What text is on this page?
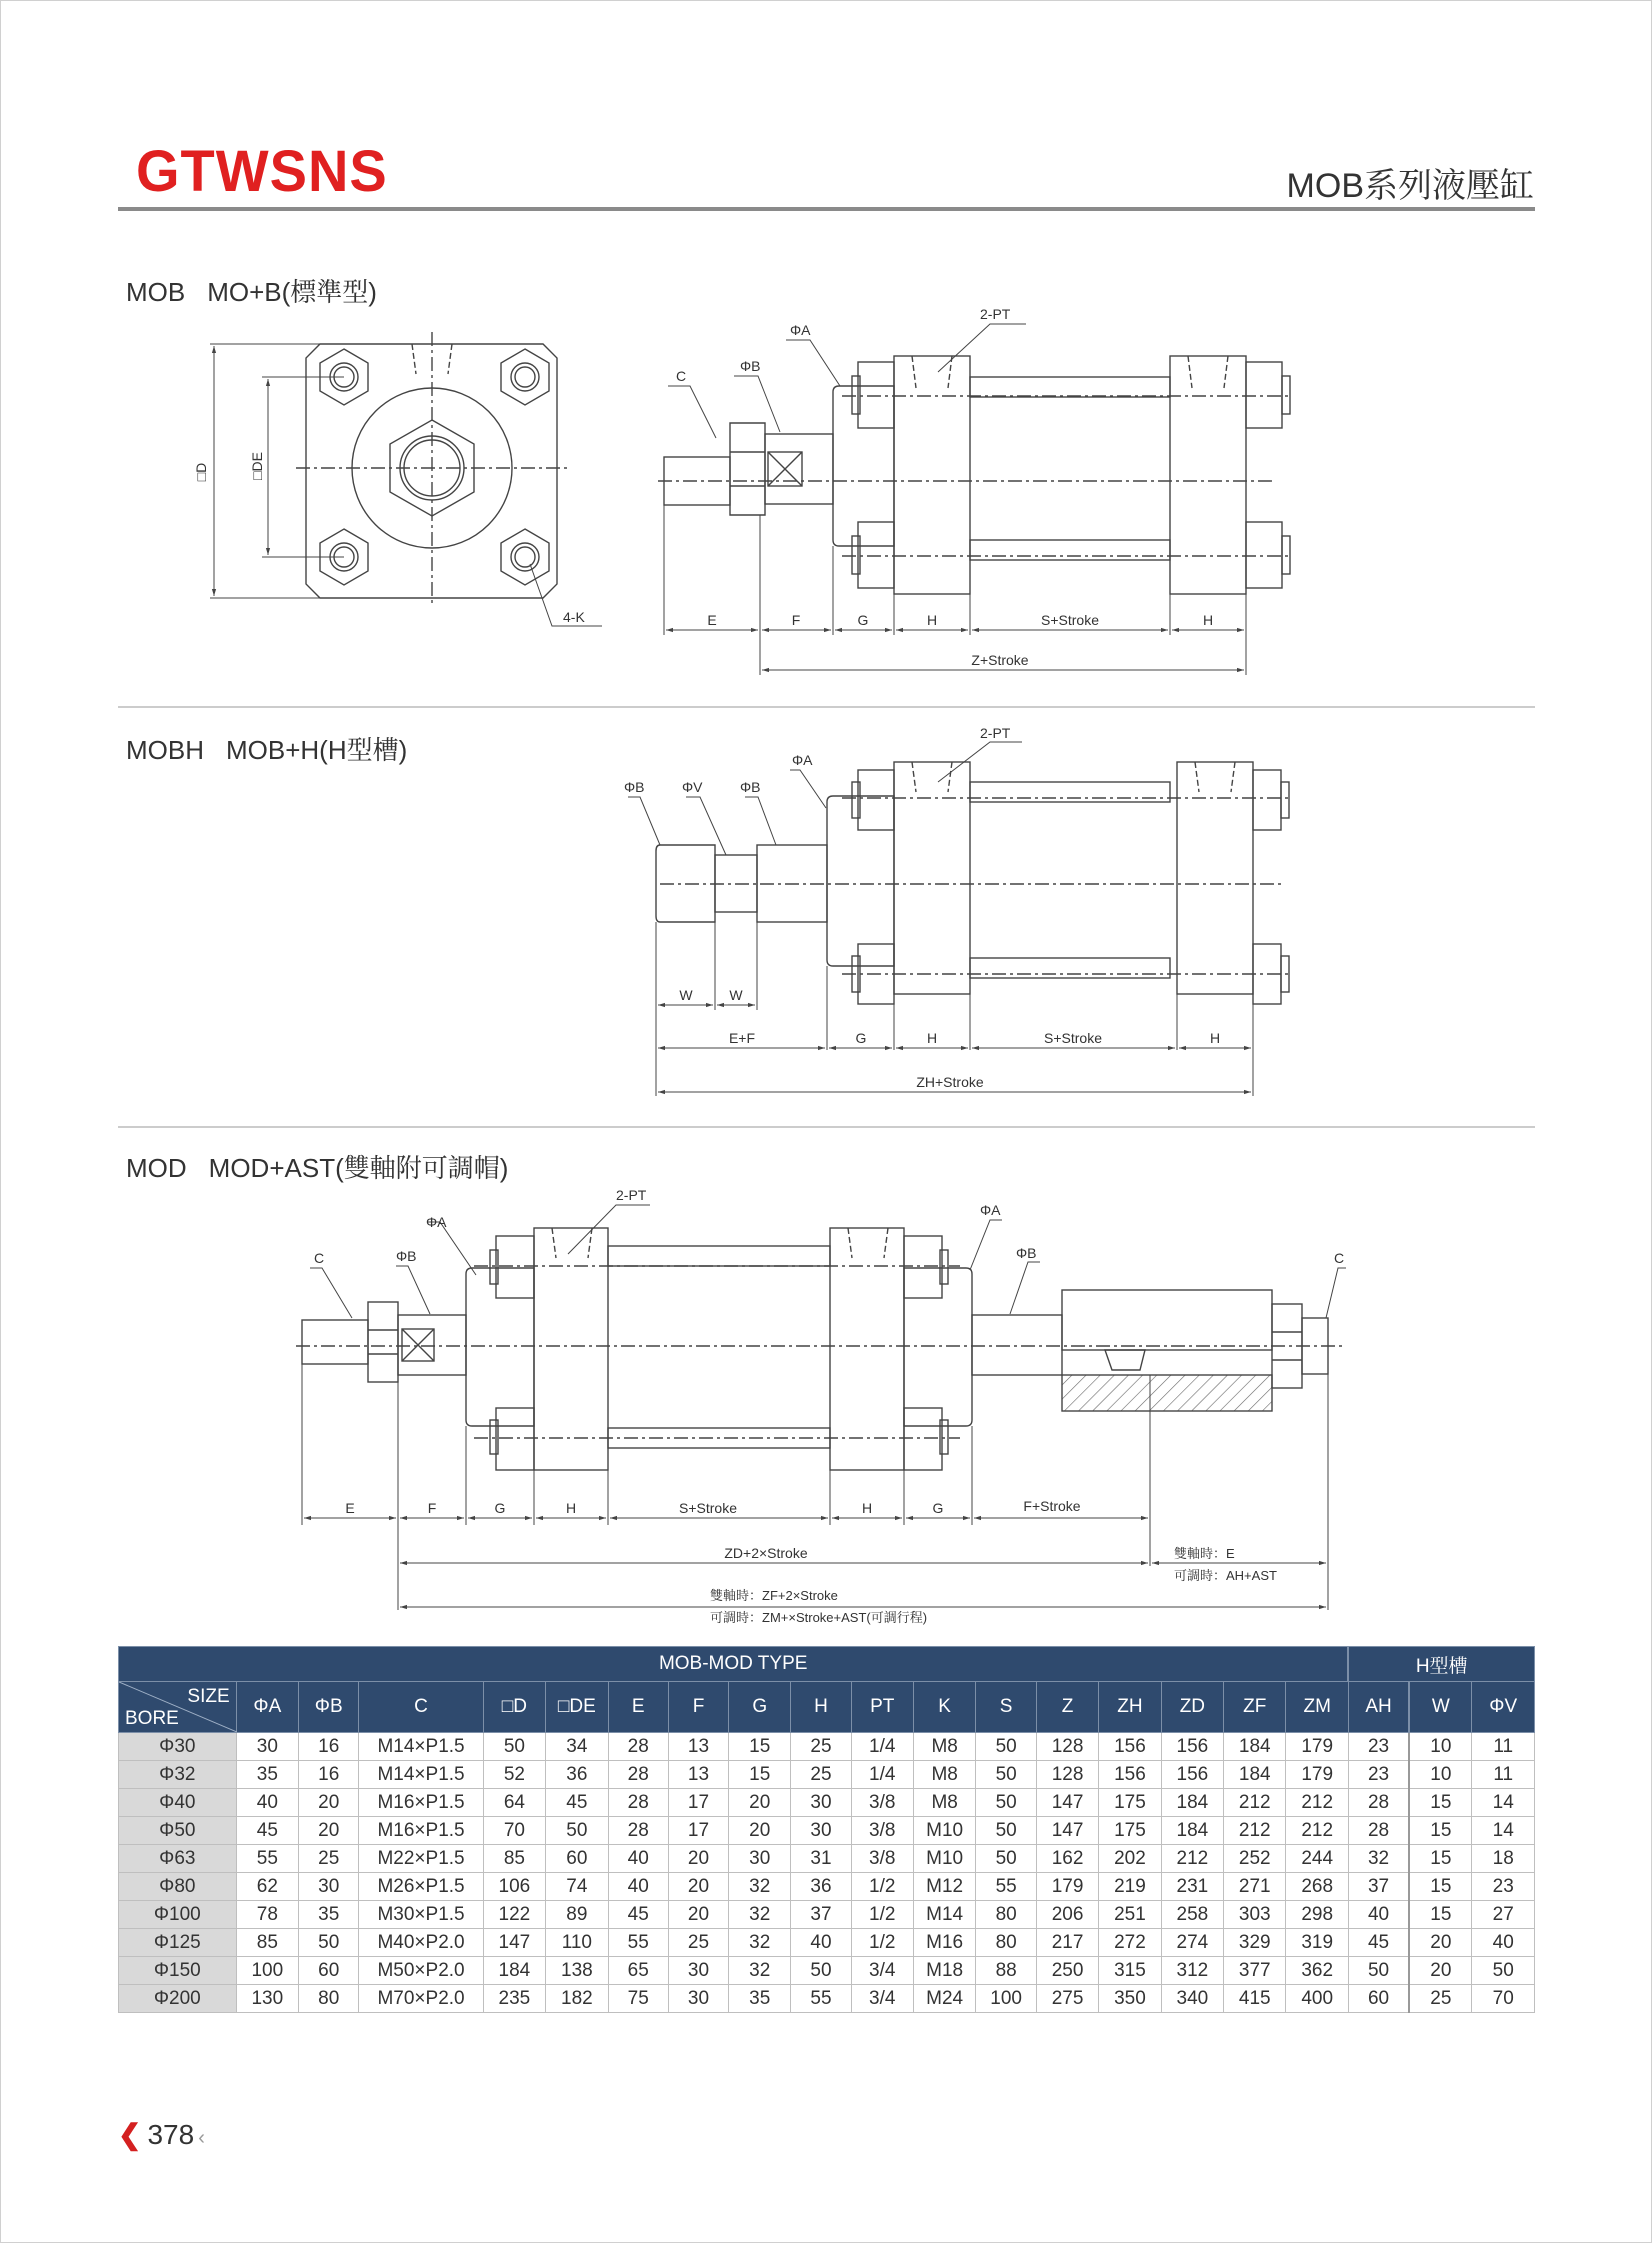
GTWSNS	MOB系列液壓缸
MOB MO+B(標準型)
MOBH MOB+H(H型槽)
MOD MOD+AST(雙軸附可調帽)
□D	□DE
4-K
C
ΦB
ΦA
2-PT
E	F	G	H	S+Stroke	H
Z+Stroke
ΦB	ΦV	ΦB
ΦA
2-PT
W	W
E+F	G	H	S+Stroke	H
ZH+Stroke
C	ΦB
ΦA
2-PT
ΦA
ΦB	C
E	F	G	H	S+Stroke	H	G	F+Stroke
ZD+2×Stroke	雙軸時：E
可調時：AH+AST
雙軸時：ZF+2×Stroke
可調時：ZM+×Stroke+AST(可調行程)
MOB-MOD TYPE																		H型槽		

SIZE
BORE	ΦA	ΦB	C	□D	□DE	E	F	G	H	PT	K	S	Z	ZH	ZD	ZF	ZM	AH	W	ΦV
Φ30	30	16	M14×P1.5	50	34	28	13	15	25	1/4	M8	50	128	156	156	184	179	23	10	11
Φ32	35	16	M14×P1.5	52	36	28	13	15	25	1/4	M8	50	128	156	156	184	179	23	10	11
Φ40	40	20	M16×P1.5	64	45	28	17	20	30	3/8	M8	50	147	175	184	212	212	28	15	14
Φ50	45	20	M16×P1.5	70	50	28	17	20	30	3/8	M10	50	147	175	184	212	212	28	15	14
Φ63	55	25	M22×P1.5	85	60	40	20	30	31	3/8	M10	50	162	202	212	252	244	32	15	18
Φ80	62	30	M26×P1.5	106	74	40	20	32	36	1/2	M12	55	179	219	231	271	268	37	15	23
Φ100	78	35	M30×P1.5	122	89	45	20	32	37	1/2	M14	80	206	251	258	303	298	40	15	27
Φ125	85	50	M40×P2.0	147	110	55	25	32	40	1/2	M16	80	217	272	274	329	319	45	20	40
Φ150	100	60	M50×P2.0	184	138	65	30	32	50	3/4	M18	88	250	315	312	377	362	50	20	50
Φ200	130	80	M70×P2.0	235	182	75	30	35	55	3/4	M24	100	275	350	340	415	400	60	25	70
❮ 378 ‹
